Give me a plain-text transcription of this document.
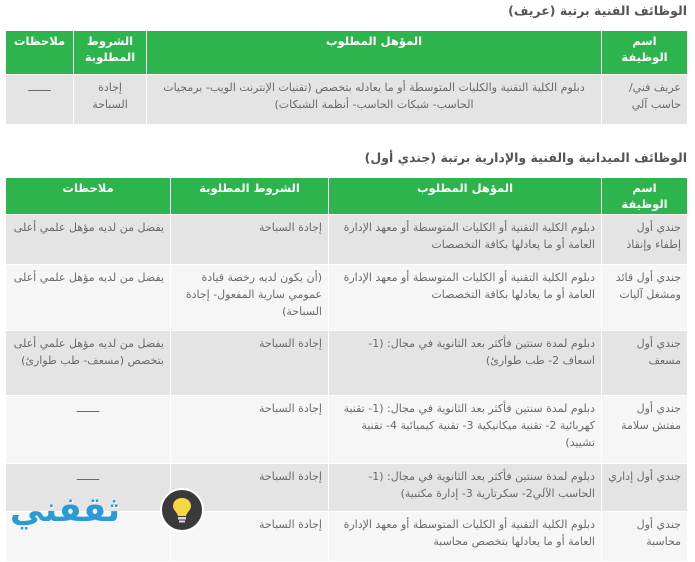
الوظائف الفنية برتبة (عريف)
اسم الوظيفة	المؤهل المطلوب	الشروط المطلوبة	ملاحظات
عريف فني/ حاسب آلي	دبلوم الكلية التقنية والكليات المتوسطة أو ما يعادله بتخصص (تقنيات الإنترنت الويب- برمجيات الحاسب- شبكات الحاسب- أنظمة الشبكات)	إجادة السباحة	ـــــــ
الوظائف الميدانية والفنية والإدارية برتبة (جندي أول)
اسم الوظيفة	المؤهل المطلوب	الشروط المطلوبة	ملاحظات
جندي أول إطفاء وإنقاذ	دبلوم الكلية التقنية أو الكليات المتوسطة أو معهد الإدارة العامة أو ما يعادلها بكافة التخصصات	إجادة السباحة	يفضل من لديه مؤهل علمي أعلى
جندي أول قائد ومشغل آليات	دبلوم الكلية التقنية أو الكليات المتوسطة أو معهد الإدارة العامة أو ما يعادلها بكافة التخصصات	(أن يكون لديه رخصة قيادة عمومي سارية المفعول- إجادة السباحة)	يفضل من لديه مؤهل علمي أعلى
جندي أول مسعف	دبلوم لمدة سنتين فأكثر بعد الثانوية في مجال: (1- اسعاف 2- طب طوارئ)	إجادة السباحة	يفضل من لديه مؤهل علمي أعلى بتخصص (مسعف- طب طوارئ)
جندي أول مفتش سلامة	دبلوم لمدة سنتين فأكثر بعد الثانوية في مجال: (1- تقنية كهربائية 2- تقنية ميكانيكية 3- تقنية كيميائية 4- تقنية تشييد)	إجادة السباحة	ـــــــ
جندي أول إداري	دبلوم لمدة سنتين فأكثر بعد الثانوية في مجال: (1- الحاسب الآلي2- سكرتارية 3- إدارة مكتبية)	إجادة السباحة	ـــــــ
جندي أول محاسبة	دبلوم الكلية التقنية أو الكليات المتوسطة أو معهد الإدارة العامة أو ما يعادلها بتخصص محاسبة	إجادة السباحة	
ثقفني
